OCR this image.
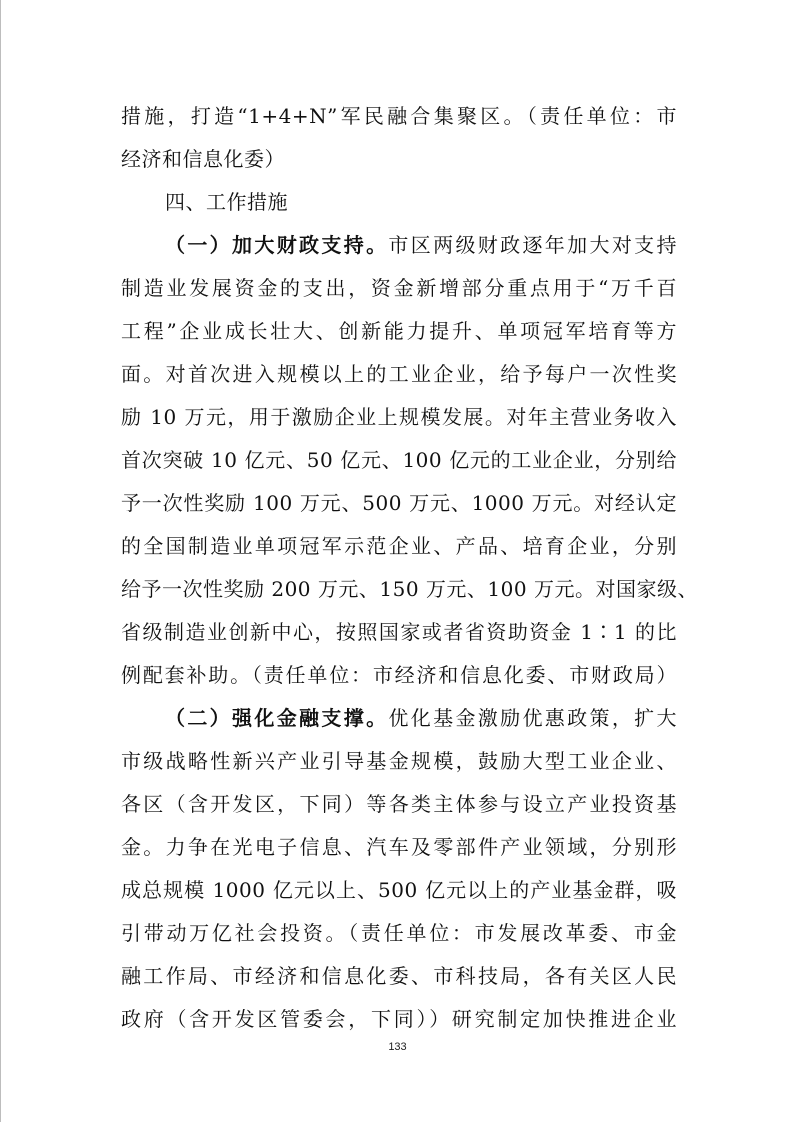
措施，打造“1+4+N”军民融合集聚区。（责任单位：市
经济和信息化委）
四、工作措施
（一）加大财政支持。市区两级财政逐年加大对支持
制造业发展资金的支出，资金新增部分重点用于“万千百
工程”企业成长壮大、创新能力提升、单项冠军培育等方
面。对首次进入规模以上的工业企业，给予每户一次性奖
励 10 万元，用于激励企业上规模发展。对年主营业务收入
首次突破 10 亿元、50 亿元、100 亿元的工业企业，分别给
予一次性奖励 100 万元、500 万元、1000 万元。对经认定
的全国制造业单项冠军示范企业、产品、培育企业，分别
给予一次性奖励 200 万元、150 万元、100 万元。对国家级、
省级制造业创新中心，按照国家或者省资助资金 1∶1 的比
例配套补助。（责任单位：市经济和信息化委、市财政局）
（二）强化金融支撑。优化基金激励优惠政策，扩大
市级战略性新兴产业引导基金规模，鼓励大型工业企业、
各区（含开发区，下同）等各类主体参与设立产业投资基
金。力争在光电子信息、汽车及零部件产业领域，分别形
成总规模 1000 亿元以上、500 亿元以上的产业基金群，吸
引带动万亿社会投资。（责任单位：市发展改革委、市金
融工作局、市经济和信息化委、市科技局，各有关区人民
政府（含开发区管委会，下同））研究制定加快推进企业
133
